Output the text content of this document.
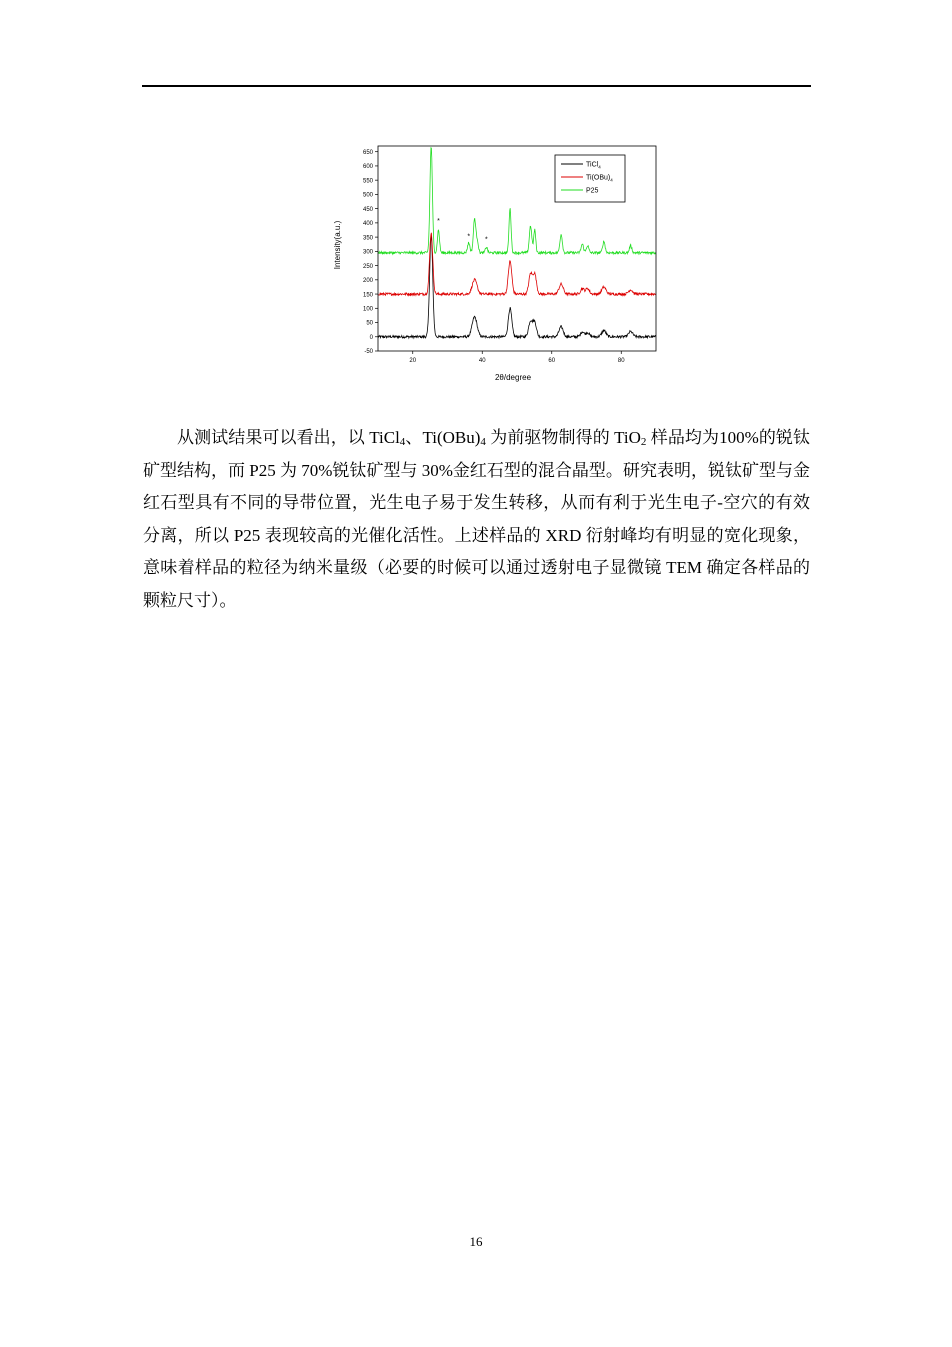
-50
0
50
100
150
200
250
300
350
400
450
500
550
600
650
20	40	60	80
*
* *
Intensity(a.u.)
2θ/degree
TiCl$_4$
$Ti(OBu)_4$
P25
从测试结果可以看出，以 TiCl$_4$、$Ti(OBu)_4$ 为前驱物制得的 TiO$_2$ 样品均为100%的锐钛矿型结构，而 P25 为 70%锐钛矿型与 30%金红石型的混合晶型。研究表明，锐钛矿型与金红石型具有不同的导带位置，光生电子易于发生转移，从而有利于光生电子-空穴的有效分离，所以 P25 表现较高的光催化活性。上述样品的 XRD 衍射峰均有明显的宽化现象，意味着样品的粒径为纳米量级（必要的时候可以通过透射电子显微镜 TEM 确定各样品的颗粒尺寸）。
16
